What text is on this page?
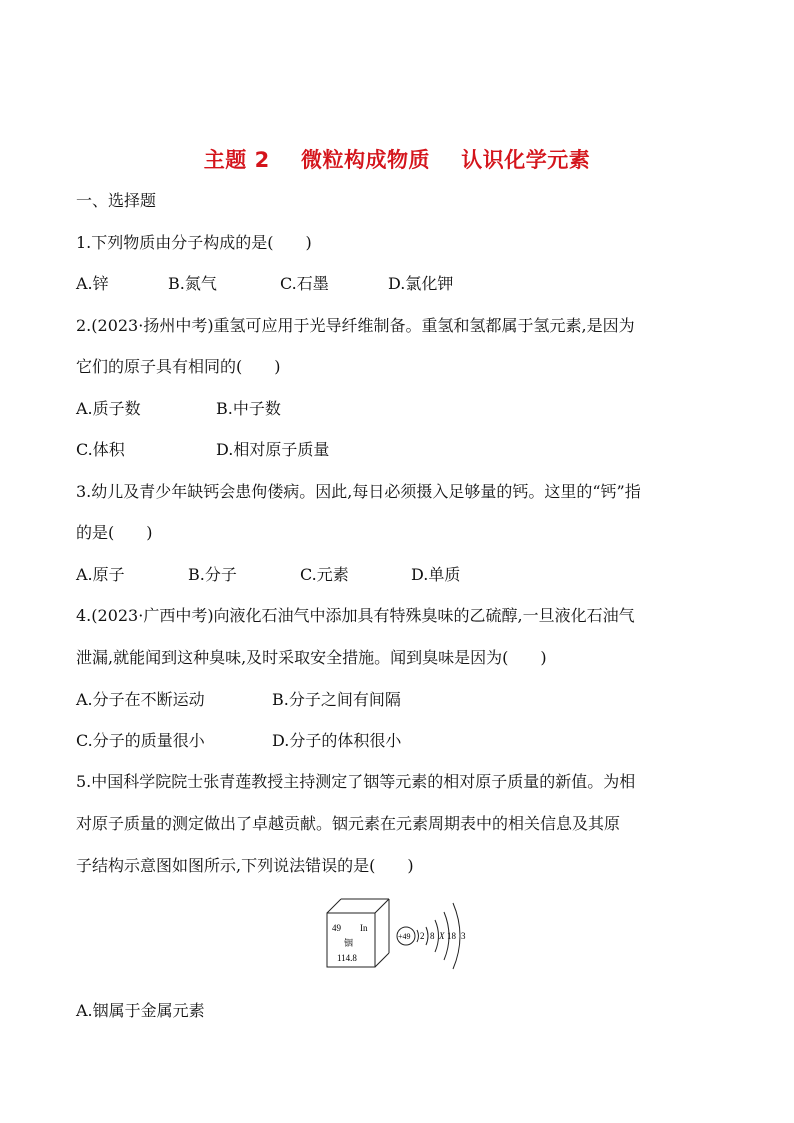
主题 2    微粒构成物质    认识化学元素
一、选择题
1.下列物质由分子构成的是(　　)
A.锌	B.氮气	C.石墨	D.氯化钾
2.(2023·扬州中考)重氢可应用于光导纤维制备。重氢和氢都属于氢元素,是因为
它们的原子具有相同的(　　)
A.质子数	B.中子数
C.体积	D.相对原子质量
3.幼儿及青少年缺钙会患佝偻病。因此,每日必须摄入足够量的钙。这里的“钙”指
的是(　　)
A.原子	B.分子	C.元素	D.单质
4.(2023·广西中考)向液化石油气中添加具有特殊臭味的乙硫醇,一旦液化石油气
泄漏,就能闻到这种臭味,及时采取安全措施。闻到臭味是因为(　　)
A.分子在不断运动	B.分子之间有间隔
C.分子的质量很小	D.分子的体积很小
5.中国科学院院士张青莲教授主持测定了铟等元素的相对原子质量的新值。为相
对原子质量的测定做出了卓越贡献。铟元素在元素周期表中的相关信息及其原
子结构示意图如图所示,下列说法错误的是(　　)
49 In
铟
114.8
+49 2 8 X 18 3
A.铟属于金属元素
